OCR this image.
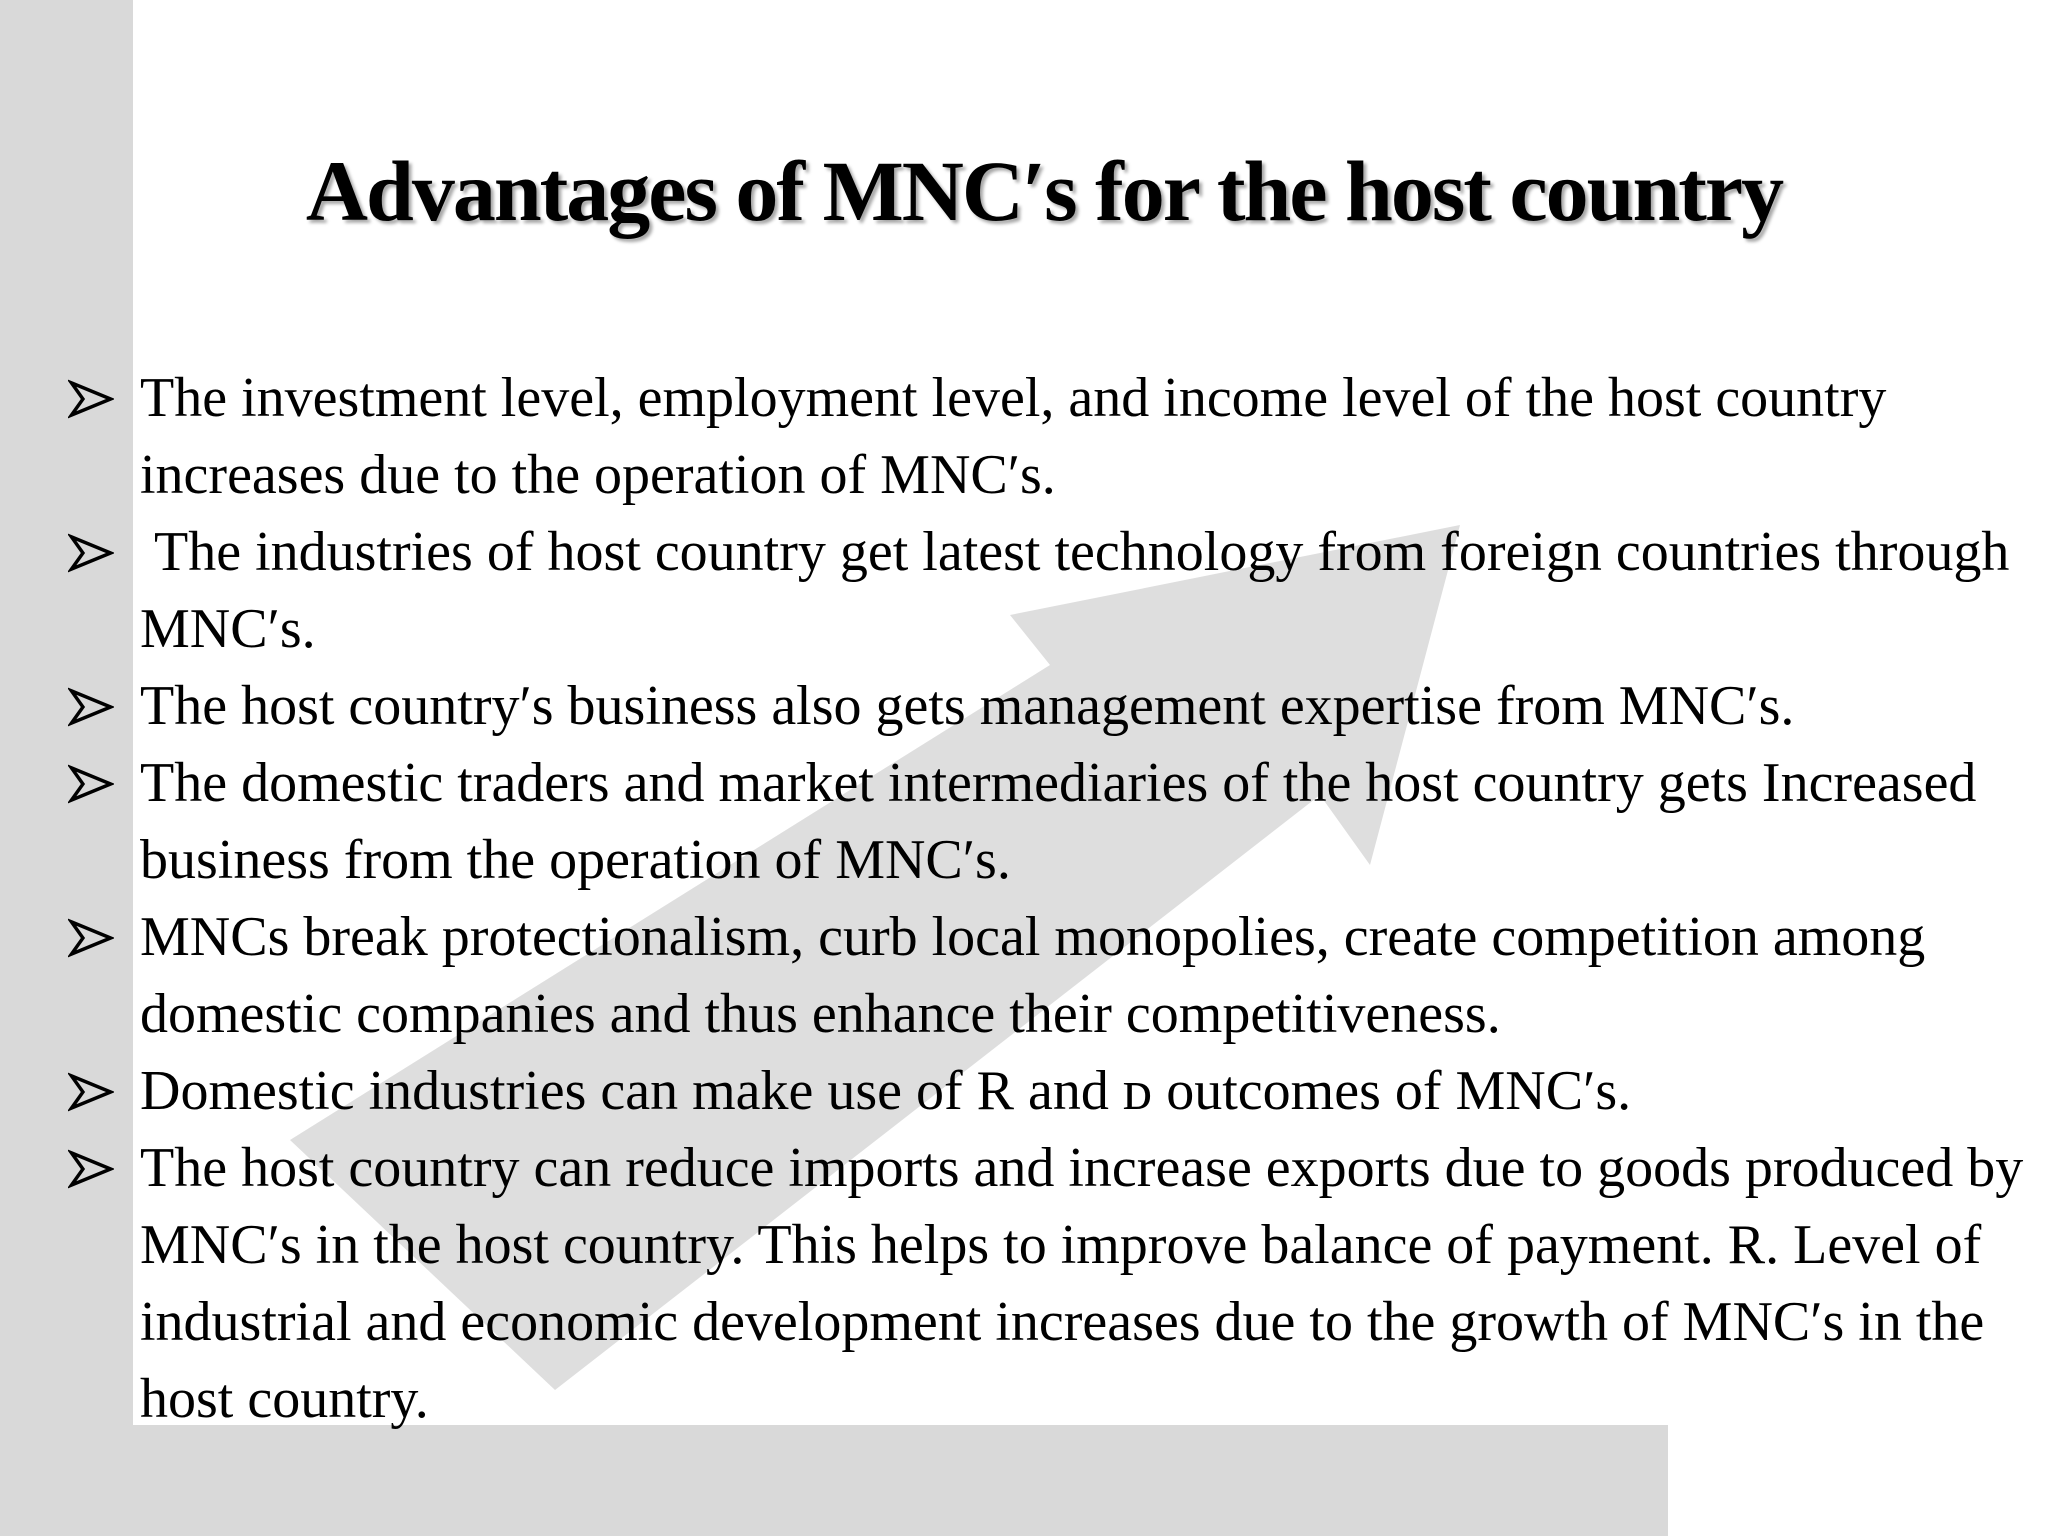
Advantages of MNC′s for the host country
The investment level, employment level, and income level of the host country increases due to the operation of MNC′s.
The industries of host country get latest technology from foreign countries through MNC′s.
The host country′s business also gets management expertise from MNC′s.
The domestic traders and market intermediaries of the host country gets Increased business from the operation of MNC′s.
MNCs break protectionalism, curb local monopolies, create competition among domestic companies and thus enhance their competitiveness.
Domestic industries can make use of R and ᴅ outcomes of MNC′s.
The host country can reduce imports and increase exports due to goods produced by MNC′s in the host country. This helps to improve balance of payment. R. Level of industrial and economic development increases due to the growth of MNC′s in the host country.
